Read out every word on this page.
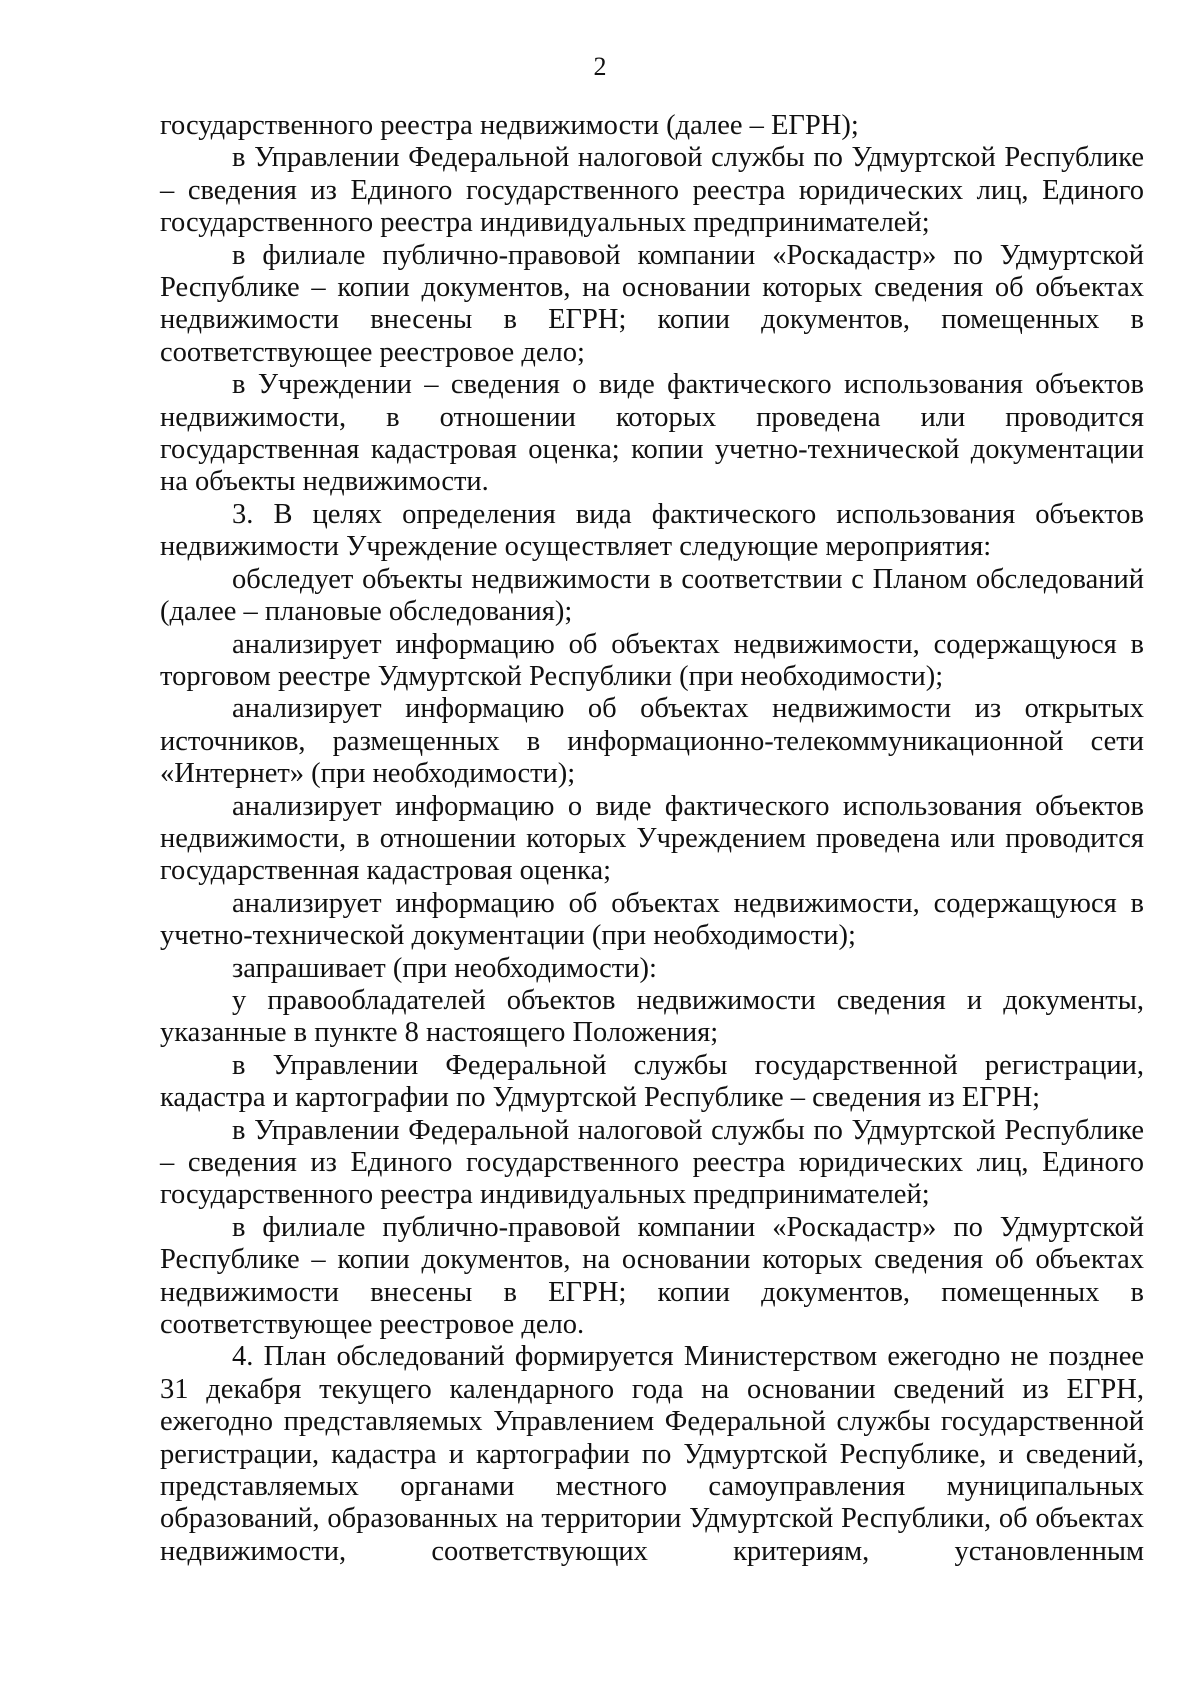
2

государственного реестра недвижимости (далее – ЕГРН);

в Управлении Федеральной налоговой службы по Удмуртской Республике – сведения из Единого государственного реестра юридических лиц, Единого государственного реестра индивидуальных предпринимателей;

в филиале публично-правовой компании «Роскадастр» по Удмуртской Республике – копии документов, на основании которых сведения об объектах недвижимости внесены в ЕГРН; копии документов, помещенных в соответствующее реестровое дело;

в Учреждении – сведения о виде фактического использования объектов недвижимости, в отношении которых проведена или проводится государственная кадастровая оценка; копии учетно-технической документации на объекты недвижимости.

3. В целях определения вида фактического использования объектов недвижимости Учреждение осуществляет следующие мероприятия:

обследует объекты недвижимости в соответствии с Планом обследований (далее – плановые обследования);

анализирует информацию об объектах недвижимости, содержащуюся в торговом реестре Удмуртской Республики (при необходимости);

анализирует информацию об объектах недвижимости из открытых источников, размещенных в информационно-телекоммуникационной сети «Интернет» (при необходимости);

анализирует информацию о виде фактического использования объектов недвижимости, в отношении которых Учреждением проведена или проводится государственная кадастровая оценка;

анализирует информацию об объектах недвижимости, содержащуюся в учетно-технической документации (при необходимости);

запрашивает (при необходимости):

у правообладателей объектов недвижимости сведения и документы, указанные в пункте 8 настоящего Положения;

в Управлении Федеральной службы государственной регистрации, кадастра и картографии по Удмуртской Республике – сведения из ЕГРН;

в Управлении Федеральной налоговой службы по Удмуртской Республике – сведения из Единого государственного реестра юридических лиц, Единого государственного реестра индивидуальных предпринимателей;

в филиале публично-правовой компании «Роскадастр» по Удмуртской Республике – копии документов, на основании которых сведения об объектах недвижимости внесены в ЕГРН; копии документов, помещенных в соответствующее реестровое дело.

4. План обследований формируется Министерством ежегодно не позднее 31 декабря текущего календарного года на основании сведений из ЕГРН, ежегодно представляемых Управлением Федеральной службы государственной регистрации, кадастра и картографии по Удмуртской Республике, и сведений, представляемых органами местного самоуправления муниципальных образований, образованных на территории Удмуртской Республики, об объектах недвижимости, соответствующих критериям, установленным
